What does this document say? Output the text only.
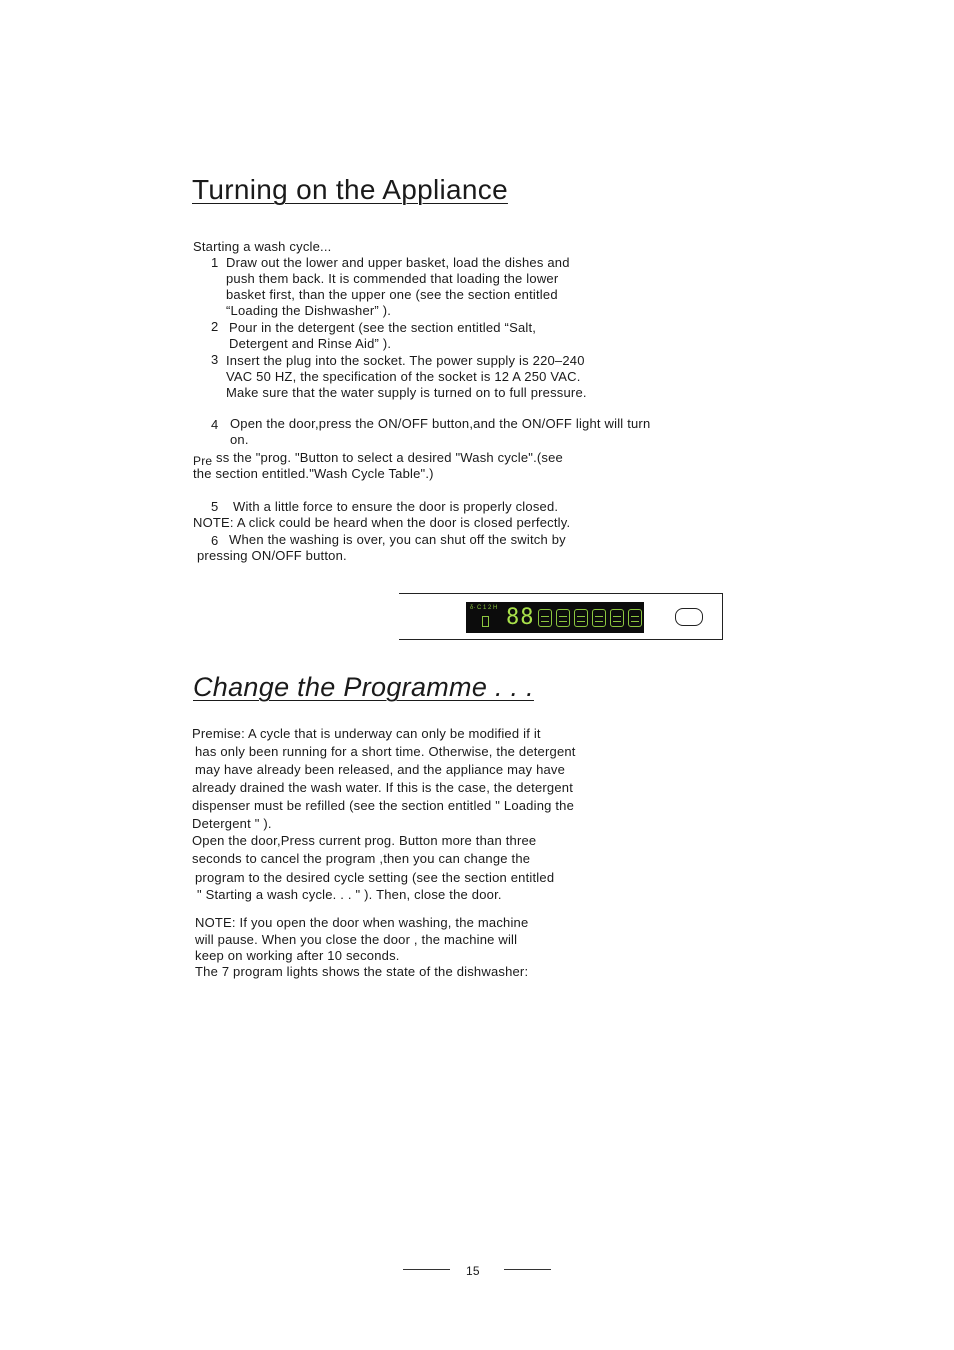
Turning on the Appliance
Starting a wash cycle...
1 Draw out the lower and upper basket, load the dishes and
push them back. It is commended that loading the lower
basket first, than the upper one (see the section entitled
“Loading the Dishwasher” ).
2 Pour in the detergent (see the section entitled “Salt,
Detergent and Rinse Aid” ).
3 Insert the plug into the socket. The power supply is 220–240
VAC 50 HZ, the specification of the socket is 12 A 250 VAC.
Make sure that the water supply is turned on to full pressure.
4 Open the door,press the ON/OFF button,and the ON/OFF light will turn
on.
Pre ss the "prog. "Button to select a desired "Wash cycle".(see
the section entitled."Wash Cycle Table".)
5 With a little force to ensure the door is properly closed.
NOTE: A click could be heard when the door is closed perfectly.
6 When the washing is over, you can shut off the switch by
pressing ON/OFF button.
δ· C 1 2 H 88
Change the Programme . . .
Premise: A cycle that is underway can only be modified if it
has only been running for a short time. Otherwise, the detergent
may have already been released, and the appliance may have
already drained the wash water. If this is the case, the detergent
dispenser must be refilled (see the section entitled " Loading the
Detergent " ).
Open the door,Press current prog. Button more than three
seconds to cancel the program ,then you can change the
program to the desired cycle setting (see the section entitled
" Starting a wash cycle. . . " ). Then, close the door.
NOTE: If you open the door when washing, the machine
will pause. When you close the door , the machine will
keep on working after 10 seconds.
The 7 program lights shows the state of the dishwasher:
15
